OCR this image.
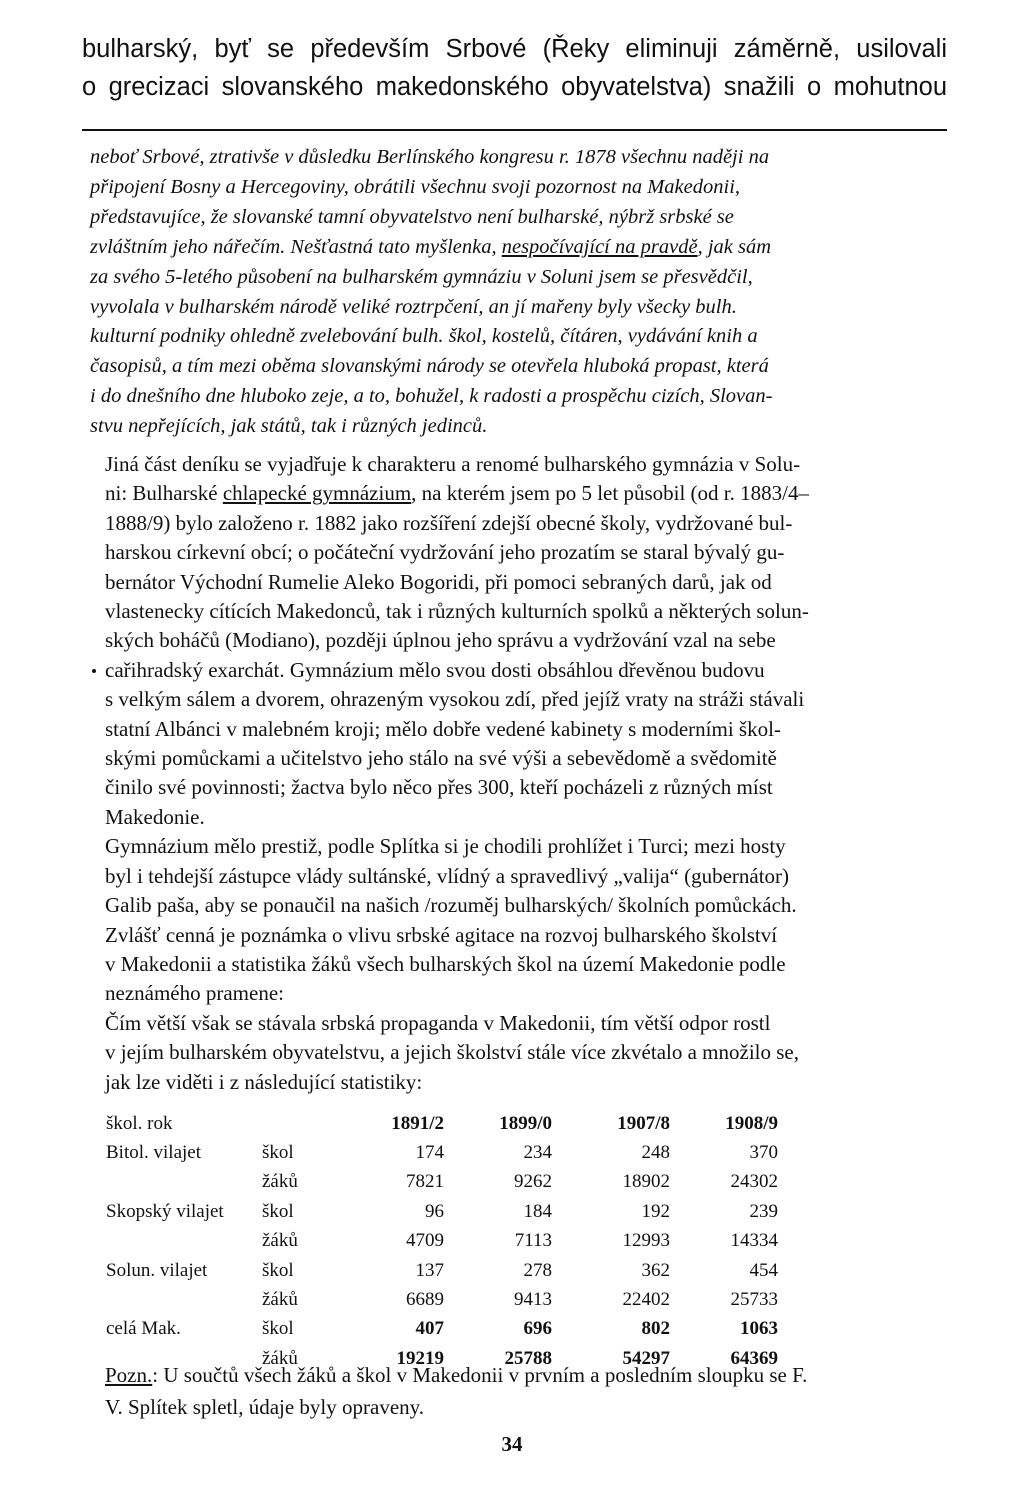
bulharský, byť se především Srbové (Řeky eliminuji záměrně, usilovali
o grecizaci slovanského makedonského obyvatelstva) snažili o mohutnou
neboť Srbové, ztrativše v důsledku Berlínského kongresu r. 1878 všechnu naději na
připojení Bosny a Hercegoviny, obrátili všechnu svoji pozornost na Makedonii,
představujíce, že slovanské tamní obyvatelstvo není bulharské, nýbrž srbské se
zvláštním jeho nářečím. Nešťastná tato myšlenka, nespočívající na pravdě, jak sám
za svého 5-letého působení na bulharském gymnáziu v Soluni jsem se přesvědčil,
vyvolala v bulharském národě veliké roztrpčení, an jí mařeny byly všecky bulh.
kulturní podniky ohledně zvelebování bulh. škol, kostelů, čítáren, vydávání knih a
časopisů, a tím mezi oběma slovanskými národy se otevřela hluboká propast, která
i do dnešního dne hluboko zeje, a to, bohužel, k radosti a prospěchu cizích, Slovan-
stvu nepřejících, jak států, tak i různých jedinců.
Jiná část deníku se vyjadřuje k charakteru a renomé bulharského gymnázia v Solu-
ni: Bulharské chlapecké gymnázium, na kterém jsem po 5 let působil (od r. 1883/4–
1888/9) bylo založeno r. 1882 jako rozšíření zdejší obecné školy, vydržované bul-
harskou církevní obcí; o počáteční vydržování jeho prozatím se staral bývalý gu-
bernátor Východní Rumelie Aleko Bogoridi, při pomoci sebraných darů, jak od
vlastenecky cítících Makedonců, tak i různých kulturních spolků a některých solun-
ských boháčů (Modiano), později úplnou jeho správu a vydržování vzal na sebe
cařihradský exarchát. Gymnázium mělo svou dosti obsáhlou dřevěnou budovu
s velkým sálem a dvorem, ohrazeným vysokou zdí, před jejíž vraty na stráži stávali
statní Albánci v malebném kroji; mělo dobře vedené kabinety s moderními škol-
skými pomůckami a učitelstvo jeho stálo na své výši a sebevědomě a svědomitě
činilo své povinnosti; žactva bylo něco přes 300, kteří pocházeli z různých míst
Makedonie.
Gymnázium mělo prestiž, podle Splítka si je chodili prohlížet i Turci; mezi hosty
byl i tehdejší zástupce vlády sultánské, vlídný a spravedlivý „valija“ (gubernátor)
Galib paša, aby se ponaučil na našich /rozuměj bulharských/ školních pomůckách.
Zvlášť cenná je poznámka o vlivu srbské agitace na rozvoj bulharského školství
v Makedonii a statistika žáků všech bulharských škol na území Makedonie podle
neznámého pramene:
Čím větší však se stávala srbská propaganda v Makedonii, tím větší odpor rostl
v jejím bulharském obyvatelstvu, a jejich školství stále více zkvétalo a množilo se,
jak lze viděti i z následující statistiky:
škol. rok		1891/2	1899/0	1907/8	1908/9
Bitol. vilajet	škol	174	234	248	370
	žáků	7821	9262	18902	24302
Skopský vilajet	škol	96	184	192	239
	žáků	4709	7113	12993	14334
Solun. vilajet	škol	137	278	362	454
	žáků	6689	9413	22402	25733
celá Mak.	škol	407	696	802	1063
	žáků	19219	25788	54297	64369
Pozn.: U součtů všech žáků a škol v Makedonii v prvním a posledním sloupku se F.
V. Splítek spletl, údaje byly opraveny.
34
